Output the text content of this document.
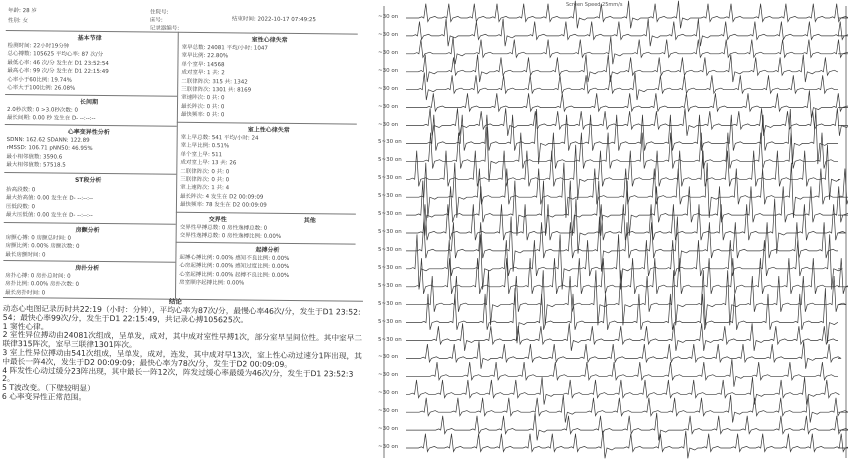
年龄: 28 岁
性别: 女
住院号:
床号:
记录器编号:
结束时间: 2022-10-17 07:49:25
基本节律
检测时间: 22小时19分钟
总心搏数: 105625 平均心率: 87 次/分
最低心率: 46 次/分 发生在 D1 23:52:54
最高心率: 99 次/分 发生在 D1 22:15:49
心率小于60比例: 19.74%
心率大于100比例: 26.08%
长间期
2.0秒次数: 0 >3.0秒次数: 0
最长间期: 0.00 秒 发生在 D- --:--:--
心率变异性分析
SDNN: 162.62 SDANN: 122.89
rMSSD: 106.71 pNN50: 46.95%
最小相邻值数: 3590.6
最大相邻值数: 57518.5
ST段分析
抬高段数: 0
最大抬高值: 0.00 发生在 D- --:--:--
压低段数: 0
最大压低值: 0.00 发生在 D- --:--:--
房颤分析
房颤心搏: 0 房颤总时间: 0
房颤比例: 0.00% 房颤次数: 0
最长房颤时间: 0
房扑分析
房扑心搏: 0 房扑总时间: 0
房扑比例: 0.00% 房扑次数: 0
最长房扑时间: 0
室性心律失常
室早总数: 24081 平均/小时: 1047
室早比例: 22.80%
单个室早: 14568
成对室早: 1 共: 2
二联律阵次: 315 共: 1342
三联律阵次: 1301 共: 8169
室速阵次: 0 共: 0
最长阵次: 0 共: 0
最快频率: 0 共: 0
室上性心律失常
室上早总数: 541 平均/小时: 24
室上早比例: 0.51%
单个室上早: 511
成对室上早: 13 共: 26
二联律阵次: 0 共: 0
三联律阵次: 0 共: 0
室上速阵次: 1 共: 4
最长阵次: 4 发生在 D2 00:09:09
最快频率: 78 发生在 D2 00:09:09
交界性	其他
交界性早搏总数: 0 房性逸搏总数: 0
交界性逸搏总数: 0 房性逸搏比例: 0.00%
起搏分析
起搏心搏比例: 0.00% 感知不良比例: 0.00%
心房起搏比例: 0.00% 感知过度比例: 0.00%
心室起搏比例: 0.00% 起搏不良比例: 0.00%
房室顺序起搏比例: 0.00%
结论
动态心电图记录历时共22:19（小时：分钟），平均心率为87次/分，最慢心率46次/分，发生于D1 23:52:54；最快心率99次/分，发生于D1 22:15:49，共记录心搏105625次。
1 窦性心律。
2 室性异位搏动由24081次组成，呈单发，成对，其中成对室性早搏1次，部分室早呈间位性。其中室早二联律315阵次，室早三联律1301阵次。
3 室上性异位搏动由541次组成，呈单发，成对，连发，其中成对早13次，室上性心动过速分1阵出现，其中最长一阵4次，发生于D2 00:09:09；最快心率为78次/分，发生于D2 00:09:09。
4 阵发性心动过缓分23阵出现，其中最长一阵12次，阵发过缓心率最缓为46次/分，发生于D1 23:52:32。
5 T波改变。（下壁较明显）
6 心率变异性正常范围。
Screen Speed 25mm/s
~30 on
~30 on
~30 on
~30 on
~30 on
~30 on
~30 on
5~30 on
5~30 on
5~30 on
5~30 on
5~30 on
5~30 on
5~30 on
5~30 on
5~30 on
5~30 on
5~30 on
5~30 on
~30 on
~30 on
~30 on
~30 on
~30 on
~30 on
